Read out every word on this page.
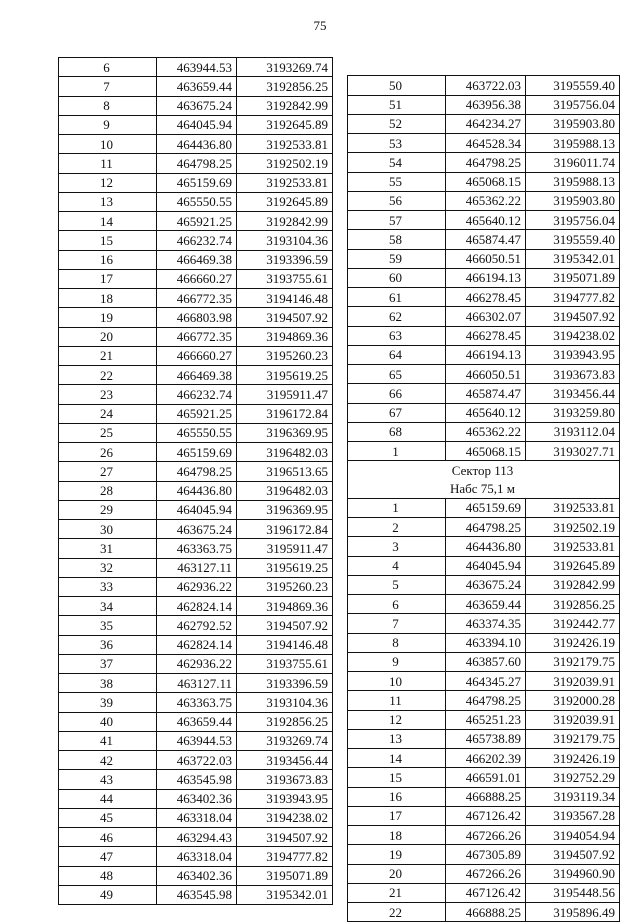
75
6	463944.53	3193269.74
7	463659.44	3192856.25
8	463675.24	3192842.99
9	464045.94	3192645.89
10	464436.80	3192533.81
11	464798.25	3192502.19
12	465159.69	3192533.81
13	465550.55	3192645.89
14	465921.25	3192842.99
15	466232.74	3193104.36
16	466469.38	3193396.59
17	466660.27	3193755.61
18	466772.35	3194146.48
19	466803.98	3194507.92
20	466772.35	3194869.36
21	466660.27	3195260.23
22	466469.38	3195619.25
23	466232.74	3195911.47
24	465921.25	3196172.84
25	465550.55	3196369.95
26	465159.69	3196482.03
27	464798.25	3196513.65
28	464436.80	3196482.03
29	464045.94	3196369.95
30	463675.24	3196172.84
31	463363.75	3195911.47
32	463127.11	3195619.25
33	462936.22	3195260.23
34	462824.14	3194869.36
35	462792.52	3194507.92
36	462824.14	3194146.48
37	462936.22	3193755.61
38	463127.11	3193396.59
39	463363.75	3193104.36
40	463659.44	3192856.25
41	463944.53	3193269.74
42	463722.03	3193456.44
43	463545.98	3193673.83
44	463402.36	3193943.95
45	463318.04	3194238.02
46	463294.43	3194507.92
47	463318.04	3194777.82
48	463402.36	3195071.89
49	463545.98	3195342.01

50	463722.03	3195559.40
51	463956.38	3195756.04
52	464234.27	3195903.80
53	464528.34	3195988.13
54	464798.25	3196011.74
55	465068.15	3195988.13
56	465362.22	3195903.80
57	465640.12	3195756.04
58	465874.47	3195559.40
59	466050.51	3195342.01
60	466194.13	3195071.89
61	466278.45	3194777.82
62	466302.07	3194507.92
63	466278.45	3194238.02
64	466194.13	3193943.95
65	466050.51	3193673.83
66	465874.47	3193456.44
67	465640.12	3193259.80
68	465362.22	3193112.04
1	465068.15	3193027.71
Сектор 113		
Набс 75,1 м		
1	465159.69	3192533.81
2	464798.25	3192502.19
3	464436.80	3192533.81
4	464045.94	3192645.89
5	463675.24	3192842.99
6	463659.44	3192856.25
7	463374.35	3192442.77
8	463394.10	3192426.19
9	463857.60	3192179.75
10	464345.27	3192039.91
11	464798.25	3192000.28
12	465251.23	3192039.91
13	465738.89	3192179.75
14	466202.39	3192426.19
15	466591.01	3192752.29
16	466888.25	3193119.34
17	467126.42	3193567.28
18	467266.26	3194054.94
19	467305.89	3194507.92
20	467266.26	3194960.90
21	467126.42	3195448.56
22	466888.25	3195896.49
